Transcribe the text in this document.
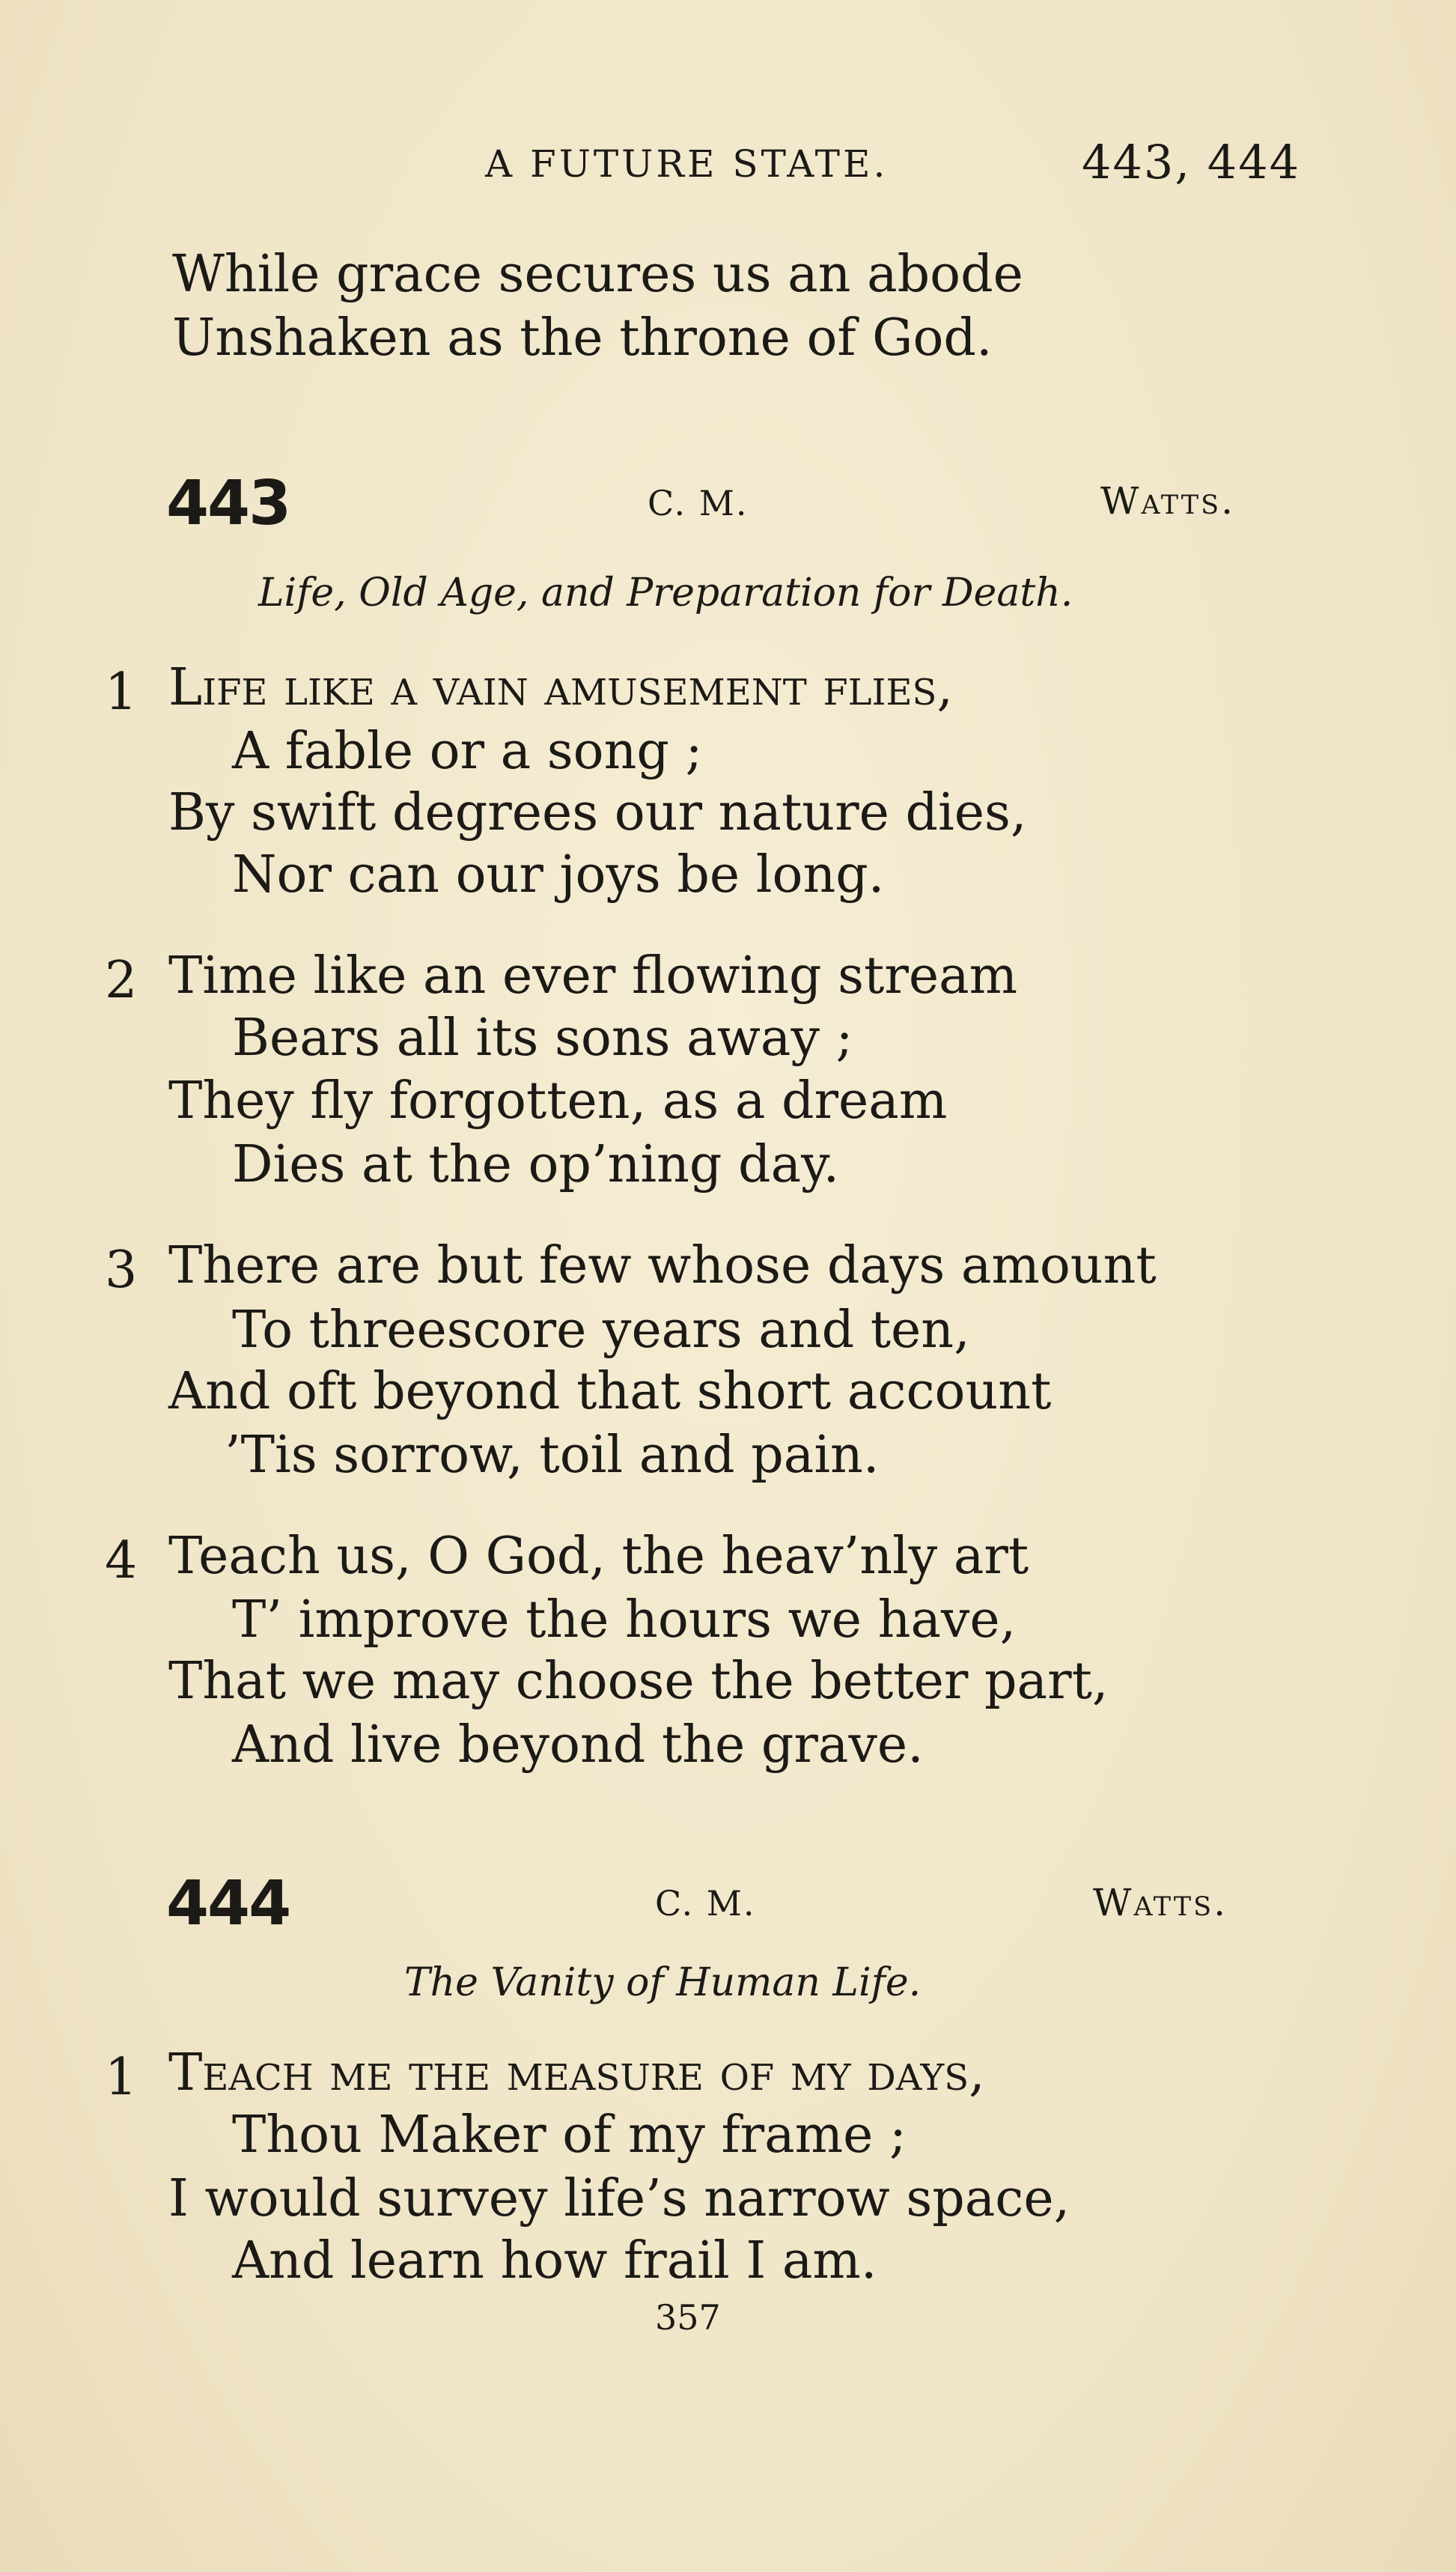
A FUTURE STATE.	443, 444

While grace secures us an abode

Unshaken as the throne of God.

443	C. M.	Watts.

Life, Old Age, and Preparation for Death.

1 Life like a vain amusement flies,

A fable or a song ;

By swift degrees our nature dies,

Nor can our joys be long.

2 Time like an ever flowing stream

Bears all its sons away ;

They fly forgotten, as a dream

Dies at the op’ning day.

3 There are but few whose days amount

To threescore years and ten,

And oft beyond that short account

’Tis sorrow, toil and pain.

4 Teach us, O God, the heav’nly art

T’ improve the hours we have,

That we may choose the better part,

And live beyond the grave.

444	C. M.	Watts.

The Vanity of Human Life.

1 Teach me the measure of my days,

Thou Maker of my frame ;

I would survey life’s narrow space,

And learn how frail I am.

357
